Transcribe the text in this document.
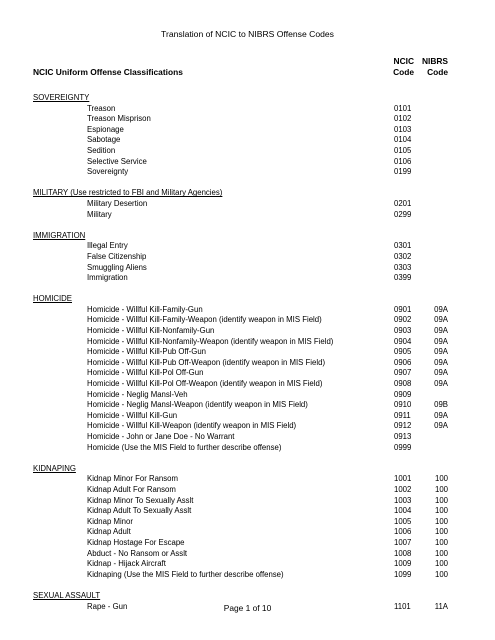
Translation of NCIC to NIBRS Offense Codes
NCIC Uniform Offense Classifications
NCIC
Code
NIBRS
Code
SOVEREIGNTY
Treason	0101
Treason Misprison	0102
Espionage	0103
Sabotage	0104
Sedition	0105
Selective Service	0106
Sovereignty	0199
MILITARY (Use restricted to FBI and Military Agencies)
Military Desertion	0201
Military	0299
IMMIGRATION
Illegal Entry	0301
False Citizenship	0302
Smuggling Aliens	0303
Immigration	0399
HOMICIDE
Homicide - Willful Kill-Family-Gun	0901	09A
Homicide - Willful Kill-Family-Weapon (identify weapon in MIS Field)	0902	09A
Homicide - Willful Kill-Nonfamily-Gun	0903	09A
Homicide - Willful Kill-Nonfamily-Weapon (identify weapon in MIS Field)	0904	09A
Homicide - Willful Kill-Pub Off-Gun	0905	09A
Homicide - Willful Kill-Pub Off-Weapon (identify weapon in MIS Field)	0906	09A
Homicide - Willful Kill-Pol Off-Gun	0907	09A
Homicide - Willful Kill-Pol Off-Weapon (identify weapon in MIS Field)	0908	09A
Homicide - Neglig Mansl-Veh	0909
Homicide - Neglig Mansl-Weapon (identify weapon in MIS Field)	0910	09B
Homicide - Willful Kill-Gun	0911	09A
Homicide - Willful Kill-Weapon (identify weapon in MIS Field)	0912	09A
Homicide - John or Jane Doe - No Warrant	0913
Homicide (Use the MIS Field to further describe offense)	0999
KIDNAPING
Kidnap Minor For Ransom	1001	100
Kidnap Adult For Ransom	1002	100
Kidnap Minor To Sexually Asslt	1003	100
Kidnap Adult To Sexually Asslt	1004	100
Kidnap Minor	1005	100
Kidnap Adult	1006	100
Kidnap Hostage For Escape	1007	100
Abduct - No Ransom or Asslt	1008	100
Kidnap - Hijack Aircraft	1009	100
Kidnaping (Use the MIS Field to further describe offense)	1099	100
SEXUAL ASSAULT
Rape - Gun	1101	11A
Page 1 of 10
